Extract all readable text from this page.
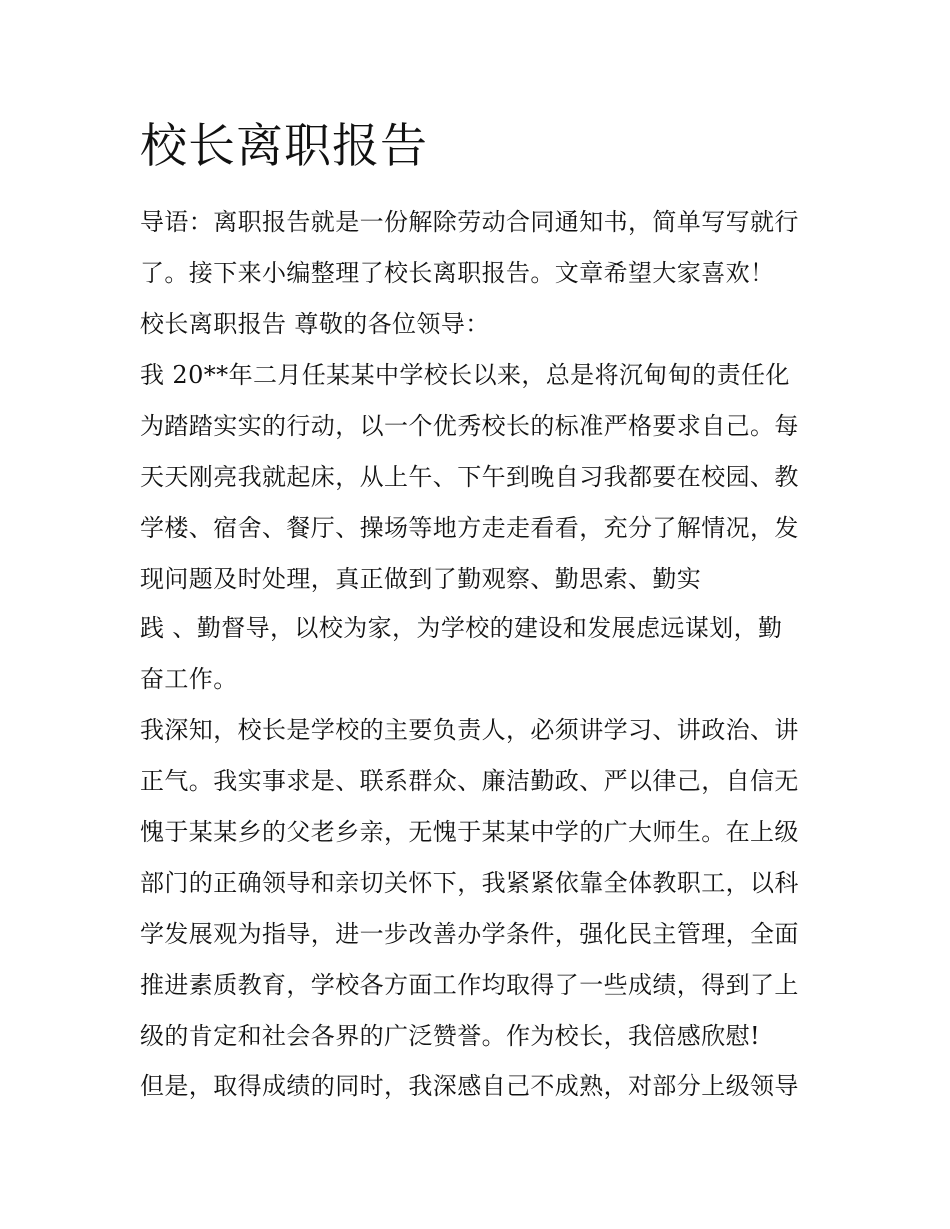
校长离职报告
导语：离职报告就是一份解除劳动合同通知书，简单写写就行
了。接下来小编整理了校长离职报告。文章希望大家喜欢！
校长离职报告 尊敬的各位领导：
我 20**年二月任某某中学校长以来，总是将沉甸甸的责任化
为踏踏实实的行动，以一个优秀校长的标准严格要求自己。每
天天刚亮我就起床，从上午、下午到晚自习我都要在校园、教
学楼、宿舍、餐厅、操场等地方走走看看，充分了解情况，发
现问题及时处理，真正做到了勤观察、勤思索、勤实
践 、勤督导，以校为家，为学校的建设和发展虑远谋划，勤
奋工作。
我深知，校长是学校的主要负责人，必须讲学习、讲政治、讲
正气。我实事求是、联系群众、廉洁勤政、严以律己，自信无
愧于某某乡的父老乡亲，无愧于某某中学的广大师生。在上级
部门的正确领导和亲切关怀下，我紧紧依靠全体教职工，以科
学发展观为指导，进一步改善办学条件，强化民主管理，全面
推进素质教育，学校各方面工作均取得了一些成绩，得到了上
级的肯定和社会各界的广泛赞誉。作为校长，我倍感欣慰!
但是，取得成绩的同时，我深感自己不成熟，对部分上级领导
